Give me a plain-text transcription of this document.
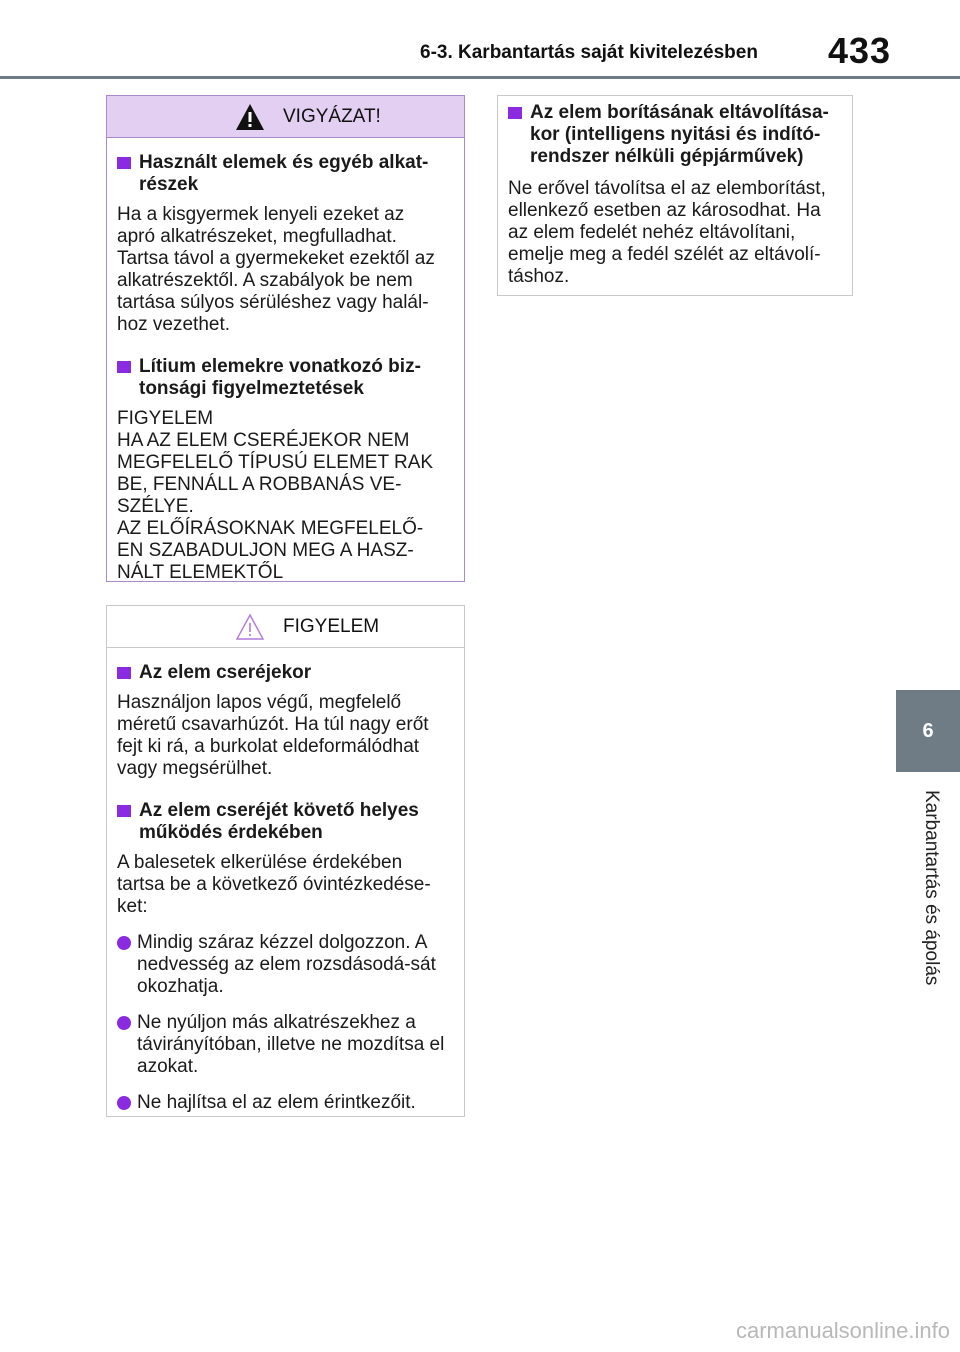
6-3. Karbantartás saját kivitelezésben	433
6
Karbantartás és ápolás
VIGYÁZAT!
Használt elemek és egyéb alkat-részek
Ha a kisgyermek lenyeli ezeket az apró alkatrészeket, megfulladhat. Tartsa távol a gyermekeket ezektől az alkatrészektől. A szabályok be nem tartása súlyos sérüléshez vagy halál-hoz vezethet.
Lítium elemekre vonatkozó biz-tonsági figyelmeztetések
FIGYELEM
HA AZ ELEM CSERÉJEKOR NEM MEGFELELŐ TÍPUSÚ ELEMET RAK BE, FENNÁLL A ROBBANÁS VE-SZÉLYE.
AZ ELŐÍRÁSOKNAK MEGFELELŐ-EN SZABADULJON MEG A HASZ-NÁLT ELEMEKTŐL
FIGYELEM
Az elem cseréjekor
Használjon lapos végű, megfelelő méretű csavarhúzót. Ha túl nagy erőt fejt ki rá, a burkolat eldeformálódhat vagy megsérülhet.
Az elem cseréjét követő helyes működés érdekében
A balesetek elkerülése érdekében tartsa be a következő óvintézkedése-ket:
Mindig száraz kézzel dolgozzon. A nedvesség az elem rozsdásodá-sát okozhatja.
Ne nyúljon más alkatrészekhez a távirányítóban, illetve ne mozdítsa el azokat.
Ne hajlítsa el az elem érintkezőit.
Az elem borításának eltávolítása-kor (intelligens nyitási és indító-rendszer nélküli gépjárművek)
Ne erővel távolítsa el az elemborítást, ellenkező esetben az károsodhat. Ha az elem fedelét nehéz eltávolítani, emelje meg a fedél szélét az eltávolí-táshoz.
carmanualsonline.info
